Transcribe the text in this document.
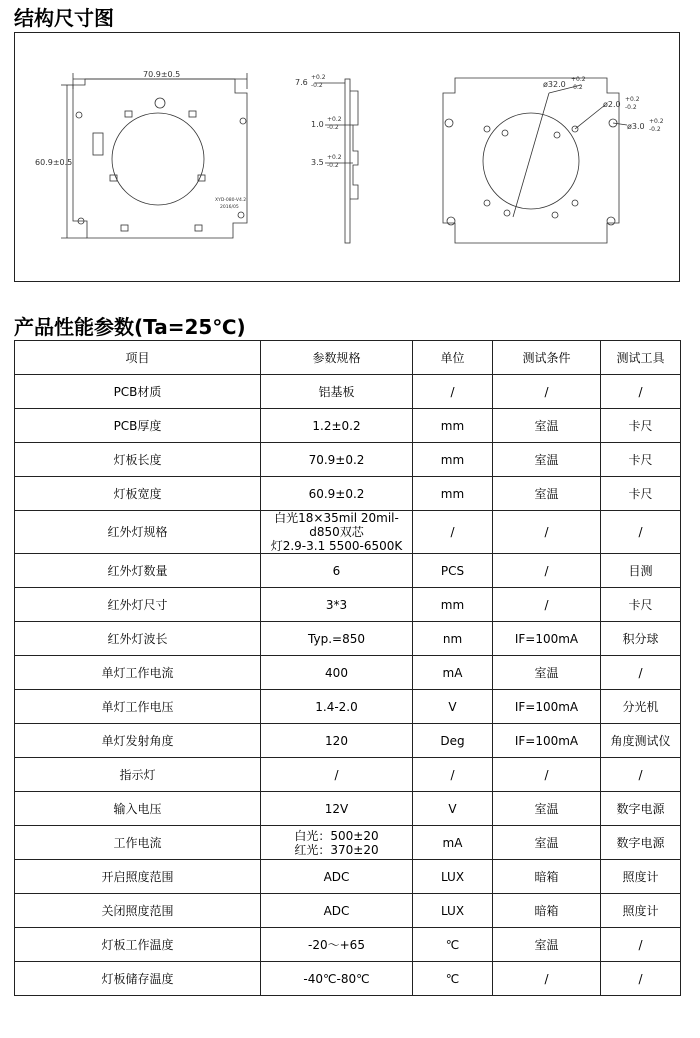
结构尺寸图
70.9±0.5
60.9±0.5
XYD-080-V4.2
2016/05
7.6
+0.2
-0.2
1.0
+0.2
-0.2
3.5
+0.2
-0.2
ø32.0
+0.2
-0.2
ø2.0
+0.2
-0.2
ø3.0
+0.2
-0.2
产品性能参数(Ta=25℃)
项目	参数规格	单位	测试条件	测试工具
PCB材质	铝基板	/	/	/
PCB厚度	1.2±0.2	mm	室温	卡尺
灯板长度	70.9±0.2	mm	室温	卡尺
灯板宽度	60.9±0.2	mm	室温	卡尺
红外灯规格	白光18×35mil 20mil-d850双芯
灯2.9-3.1 5500-6500K	/	/	/
红外灯数量	6	PCS	/	目测
红外灯尺寸	3*3	mm	/	卡尺
红外灯波长	Typ.=850	nm	IF=100mA	积分球
单灯工作电流	400	mA	室温	/
单灯工作电压	1.4-2.0	V	IF=100mA	分光机
单灯发射角度	120	Deg	IF=100mA	角度测试仪
指示灯	/	/	/	/
输入电压	12V	V	室温	数字电源
工作电流	白光：500±20
红光：370±20	mA	室温	数字电源
开启照度范围	ADC	LUX	暗箱	照度计
关闭照度范围	ADC	LUX	暗箱	照度计
灯板工作温度	-20～+65	℃	室温	/
灯板储存温度	-40℃-80℃	℃	/	/
